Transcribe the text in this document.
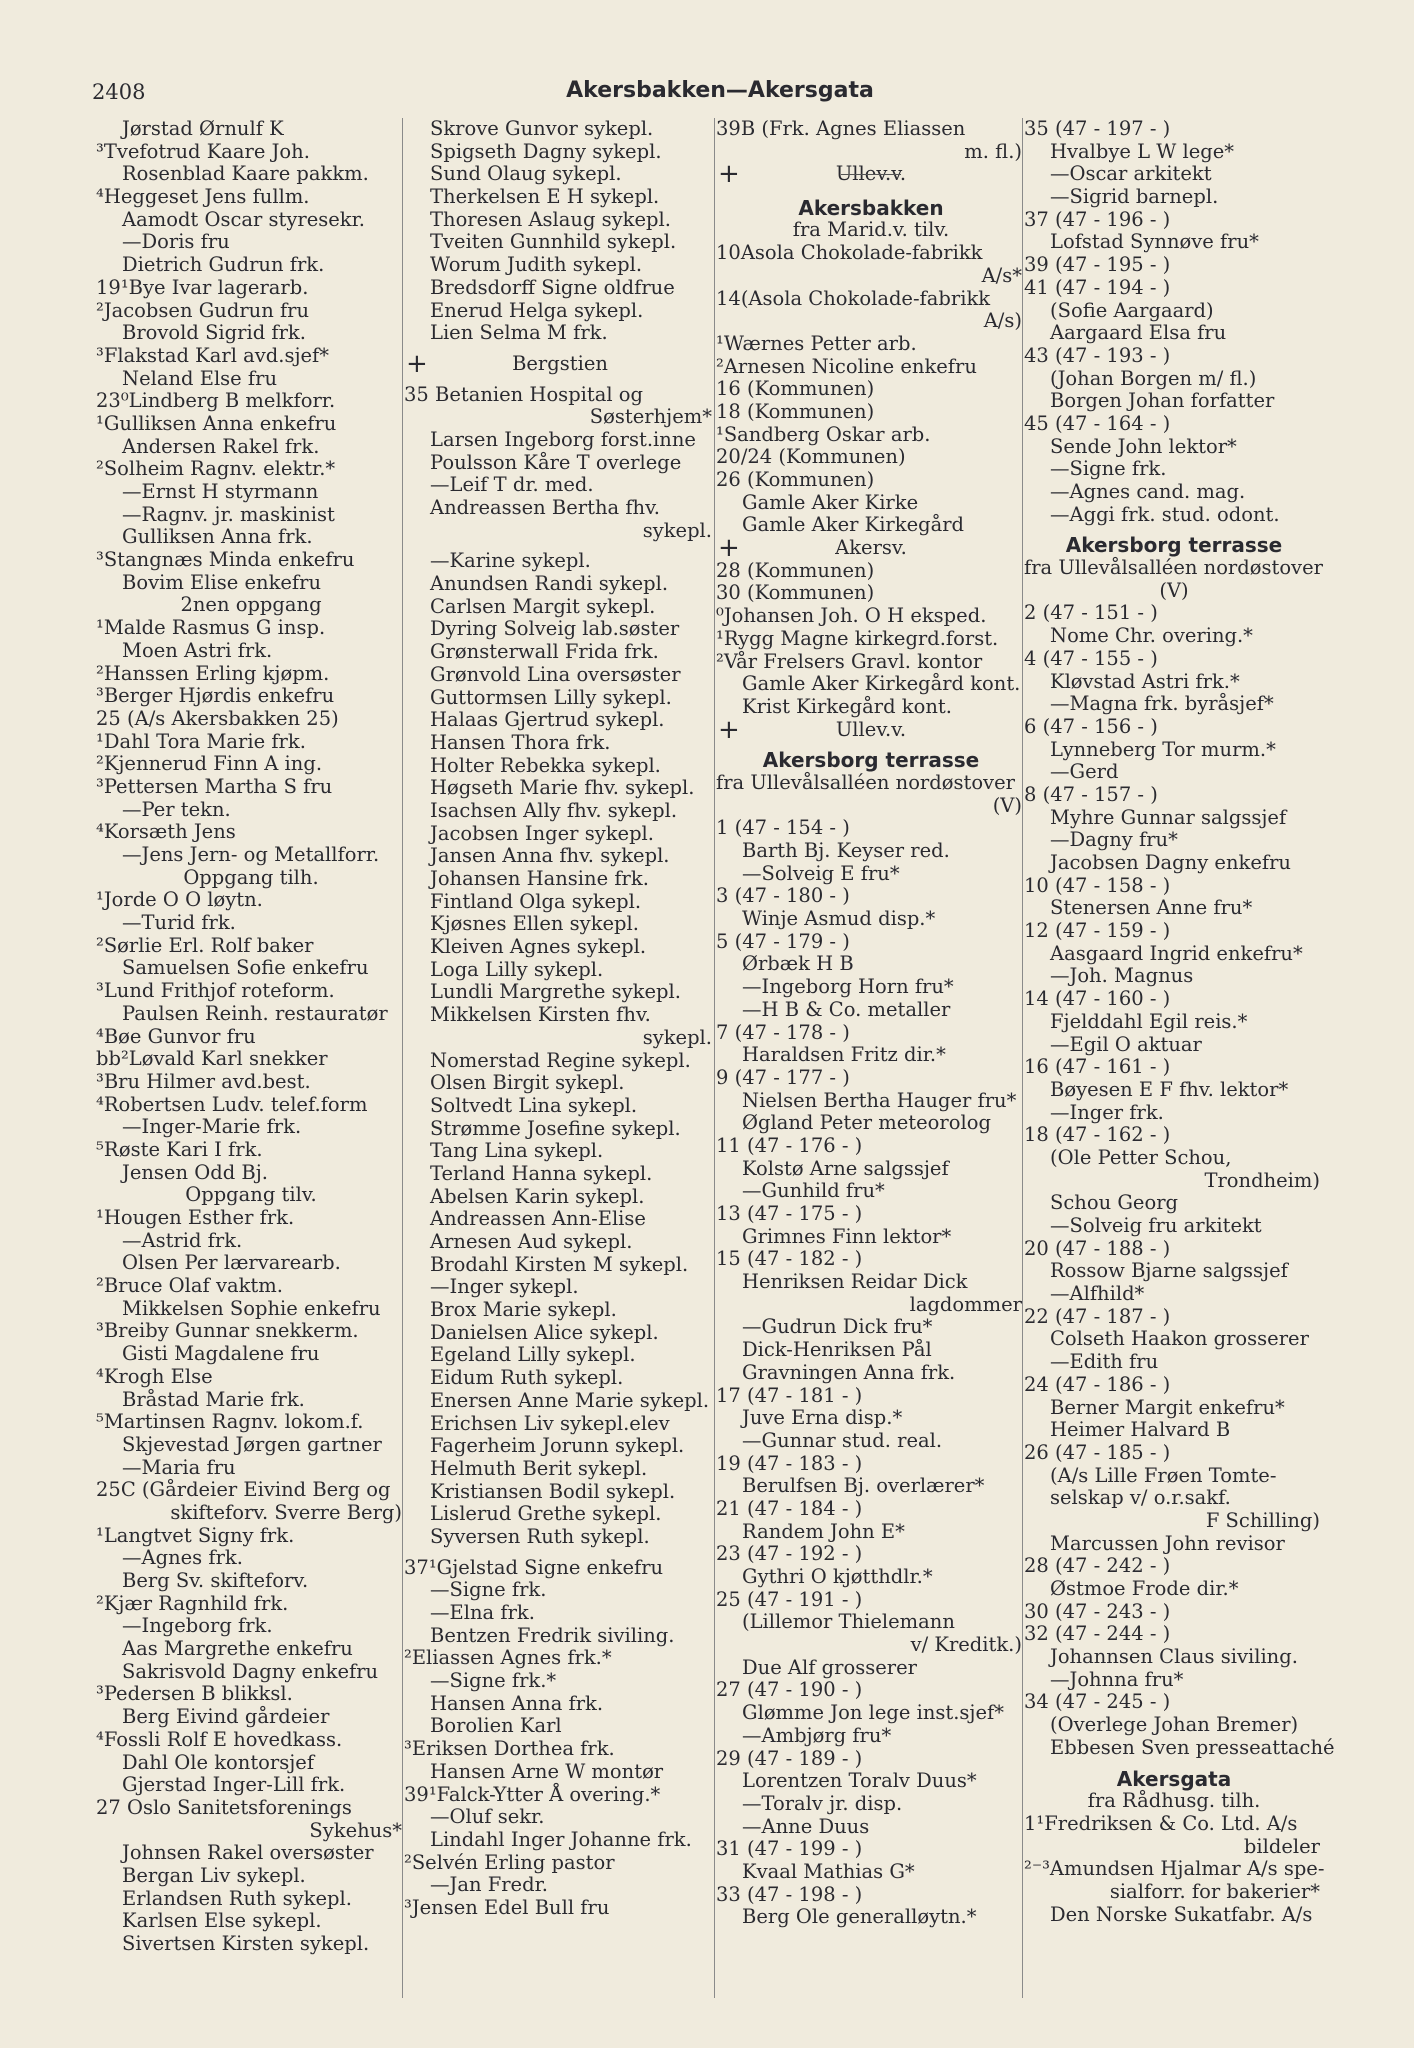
2408	Akersbakken—Akersgata
Jørstad Ørnulf K
³Tvefotrud Kaare Joh.
Rosenblad Kaare pakkm.
⁴Heggeset Jens fullm.
Aamodt Oscar styresekr.
—Doris fru
Dietrich Gudrun frk.
19¹Bye Ivar lagerarb.
²Jacobsen Gudrun fru
Brovold Sigrid frk.
³Flakstad Karl avd.sjef*
Neland Else fru
23⁰Lindberg B melkforr.
¹Gulliksen Anna enkefru
Andersen Rakel frk.
²Solheim Ragnv. elektr.*
—Ernst H styrmann
—Ragnv. jr. maskinist
Gulliksen Anna frk.
³Stangnæs Minda enkefru
Bovim Elise enkefru
2nen oppgang
¹Malde Rasmus G insp.
Moen Astri frk.
²Hanssen Erling kjøpm.
³Berger Hjørdis enkefru
25 (A/s Akersbakken 25)
¹Dahl Tora Marie frk.
²Kjennerud Finn A ing.
³Pettersen Martha S fru
—Per tekn.
⁴Korsæth Jens
—Jens Jern- og Metallforr.
Oppgang tilh.
¹Jorde O O løytn.
—Turid frk.
²Sørlie Erl. Rolf baker
Samuelsen Sofie enkefru
³Lund Frithjof roteform.
Paulsen Reinh. restauratør
⁴Bøe Gunvor fru
bb²Løvald Karl snekker
³Bru Hilmer avd.best.
⁴Robertsen Ludv. telef.form
—Inger-Marie frk.
⁵Røste Kari I frk.
Jensen Odd Bj.
Oppgang tilv.
¹Hougen Esther frk.
—Astrid frk.
Olsen Per lærvarearb.
²Bruce Olaf vaktm.
Mikkelsen Sophie enkefru
³Breiby Gunnar snekkerm.
Gisti Magdalene fru
⁴Krogh Else
Bråstad Marie frk.
⁵Martinsen Ragnv. lokom.f.
Skjevestad Jørgen gartner
—Maria fru
25C (Gårdeier Eivind Berg og
skifteforv. Sverre Berg)
¹Langtvet Signy frk.
—Agnes frk.
Berg Sv. skifteforv.
²Kjær Ragnhild frk.
—Ingeborg frk.
Aas Margrethe enkefru
Sakrisvold Dagny enkefru
³Pedersen B blikksl.
Berg Eivind gårdeier
⁴Fossli Rolf E hovedkass.
Dahl Ole kontorsjef
Gjerstad Inger-Lill frk.
27 Oslo Sanitetsforenings
Sykehus*
Johnsen Rakel oversøster
Bergan Liv sykepl.
Erlandsen Ruth sykepl.
Karlsen Else sykepl.
Sivertsen Kirsten sykepl.
Skrove Gunvor sykepl.
Spigseth Dagny sykepl.
Sund Olaug sykepl.
Therkelsen E H sykepl.
Thoresen Aslaug sykepl.
Tveiten Gunnhild sykepl.
Worum Judith sykepl.
Bredsdorff Signe oldfrue
Enerud Helga sykepl.
Lien Selma M frk.
+	Bergstien
35 Betanien Hospital og
Søsterhjem*
Larsen Ingeborg forst.inne
Poulsson Kåre T overlege
—Leif T dr. med.
Andreassen Bertha fhv.
sykepl.
—Karine sykepl.
Anundsen Randi sykepl.
Carlsen Margit sykepl.
Dyring Solveig lab.søster
Grønsterwall Frida frk.
Grønvold Lina oversøster
Guttormsen Lilly sykepl.
Halaas Gjertrud sykepl.
Hansen Thora frk.
Holter Rebekka sykepl.
Høgseth Marie fhv. sykepl.
Isachsen Ally fhv. sykepl.
Jacobsen Inger sykepl.
Jansen Anna fhv. sykepl.
Johansen Hansine frk.
Fintland Olga sykepl.
Kjøsnes Ellen sykepl.
Kleiven Agnes sykepl.
Loga Lilly sykepl.
Lundli Margrethe sykepl.
Mikkelsen Kirsten fhv.
sykepl.
Nomerstad Regine sykepl.
Olsen Birgit sykepl.
Soltvedt Lina sykepl.
Strømme Josefine sykepl.
Tang Lina sykepl.
Terland Hanna sykepl.
Abelsen Karin sykepl.
Andreassen Ann-Elise
Arnesen Aud sykepl.
Brodahl Kirsten M sykepl.
—Inger sykepl.
Brox Marie sykepl.
Danielsen Alice sykepl.
Egeland Lilly sykepl.
Eidum Ruth sykepl.
Enersen Anne Marie sykepl.
Erichsen Liv sykepl.elev
Fagerheim Jorunn sykepl.
Helmuth Berit sykepl.
Kristiansen Bodil sykepl.
Lislerud Grethe sykepl.
Syversen Ruth sykepl.
37¹Gjelstad Signe enkefru
—Signe frk.
—Elna frk.
Bentzen Fredrik siviling.
²Eliassen Agnes frk.*
—Signe frk.*
Hansen Anna frk.
Borolien Karl
³Eriksen Dorthea frk.
Hansen Arne W montør
39¹Falck-Ytter Å overing.*
—Oluf sekr.
Lindahl Inger Johanne frk.
²Selvén Erling pastor
—Jan Fredr.
³Jensen Edel Bull fru
39B (Frk. Agnes Eliassen
m. fl.)
+	Ullev.v.
Akersbakken
fra Marid.v. tilv.
10Asola Chokolade-fabrikk
A/s*
14(Asola Chokolade-fabrikk
A/s)
¹Wærnes Petter arb.
²Arnesen Nicoline enkefru
16 (Kommunen)
18 (Kommunen)
¹Sandberg Oskar arb.
20/24 (Kommunen)
26 (Kommunen)
Gamle Aker Kirke
Gamle Aker Kirkegård
+	Akersv.
28 (Kommunen)
30 (Kommunen)
⁰Johansen Joh. O H eksped.
¹Rygg Magne kirkegrd.forst.
²Vår Frelsers Gravl. kontor
Gamle Aker Kirkegård kont.
Krist Kirkegård kont.
+	Ullev.v.
Akersborg terrasse
fra Ullevålsalléen nordøstover
(V)
1 (47 - 154 - )
Barth Bj. Keyser red.
—Solveig E fru*
3 (47 - 180 - )
Winje Asmud disp.*
5 (47 - 179 - )
Ørbæk H B
—Ingeborg Horn fru*
—H B & Co. metaller
7 (47 - 178 - )
Haraldsen Fritz dir.*
9 (47 - 177 - )
Nielsen Bertha Hauger fru*
Øgland Peter meteorolog
11 (47 - 176 - )
Kolstø Arne salgssjef
—Gunhild fru*
13 (47 - 175 - )
Grimnes Finn lektor*
15 (47 - 182 - )
Henriksen Reidar Dick
lagdommer
—Gudrun Dick fru*
Dick-Henriksen Pål
Gravningen Anna frk.
17 (47 - 181 - )
Juve Erna disp.*
—Gunnar stud. real.
19 (47 - 183 - )
Berulfsen Bj. overlærer*
21 (47 - 184 - )
Randem John E*
23 (47 - 192 - )
Gythri O kjøtthdlr.*
25 (47 - 191 - )
(Lillemor Thielemann
v/ Kreditk.)
Due Alf grosserer
27 (47 - 190 - )
Glømme Jon lege inst.sjef*
—Ambjørg fru*
29 (47 - 189 - )
Lorentzen Toralv Duus*
—Toralv jr. disp.
—Anne Duus
31 (47 - 199 - )
Kvaal Mathias G*
33 (47 - 198 - )
Berg Ole generalløytn.*
35 (47 - 197 - )
Hvalbye L W lege*
—Oscar arkitekt
—Sigrid barnepl.
37 (47 - 196 - )
Lofstad Synnøve fru*
39 (47 - 195 - )
41 (47 - 194 - )
(Sofie Aargaard)
Aargaard Elsa fru
43 (47 - 193 - )
(Johan Borgen m/ fl.)
Borgen Johan forfatter
45 (47 - 164 - )
Sende John lektor*
—Signe frk.
—Agnes cand. mag.
—Aggi frk. stud. odont.
Akersborg terrasse
fra Ullevålsalléen nordøstover
(V)
2 (47 - 151 - )
Nome Chr. overing.*
4 (47 - 155 - )
Kløvstad Astri frk.*
—Magna frk. byråsjef*
6 (47 - 156 - )
Lynneberg Tor murm.*
—Gerd
8 (47 - 157 - )
Myhre Gunnar salgssjef
—Dagny fru*
Jacobsen Dagny enkefru
10 (47 - 158 - )
Stenersen Anne fru*
12 (47 - 159 - )
Aasgaard Ingrid enkefru*
—Joh. Magnus
14 (47 - 160 - )
Fjelddahl Egil reis.*
—Egil O aktuar
16 (47 - 161 - )
Bøyesen E F fhv. lektor*
—Inger frk.
18 (47 - 162 - )
(Ole Petter Schou,
Trondheim)
Schou Georg
—Solveig fru arkitekt
20 (47 - 188 - )
Rossow Bjarne salgssjef
—Alfhild*
22 (47 - 187 - )
Colseth Haakon grosserer
—Edith fru
24 (47 - 186 - )
Berner Margit enkefru*
Heimer Halvard B
26 (47 - 185 - )
(A/s Lille Frøen Tomte-
selskap v/ o.r.sakf.
F Schilling)
Marcussen John revisor
28 (47 - 242 - )
Østmoe Frode dir.*
30 (47 - 243 - )
32 (47 - 244 - )
Johannsen Claus siviling.
—Johnna fru*
34 (47 - 245 - )
(Overlege Johan Bremer)
Ebbesen Sven presseattaché
Akersgata
fra Rådhusg. tilh.
1¹Fredriksen & Co. Ltd. A/s
bildeler
²⁻³Amundsen Hjalmar A/s spe-
sialforr. for bakerier*
Den Norske Sukatfabr. A/s
